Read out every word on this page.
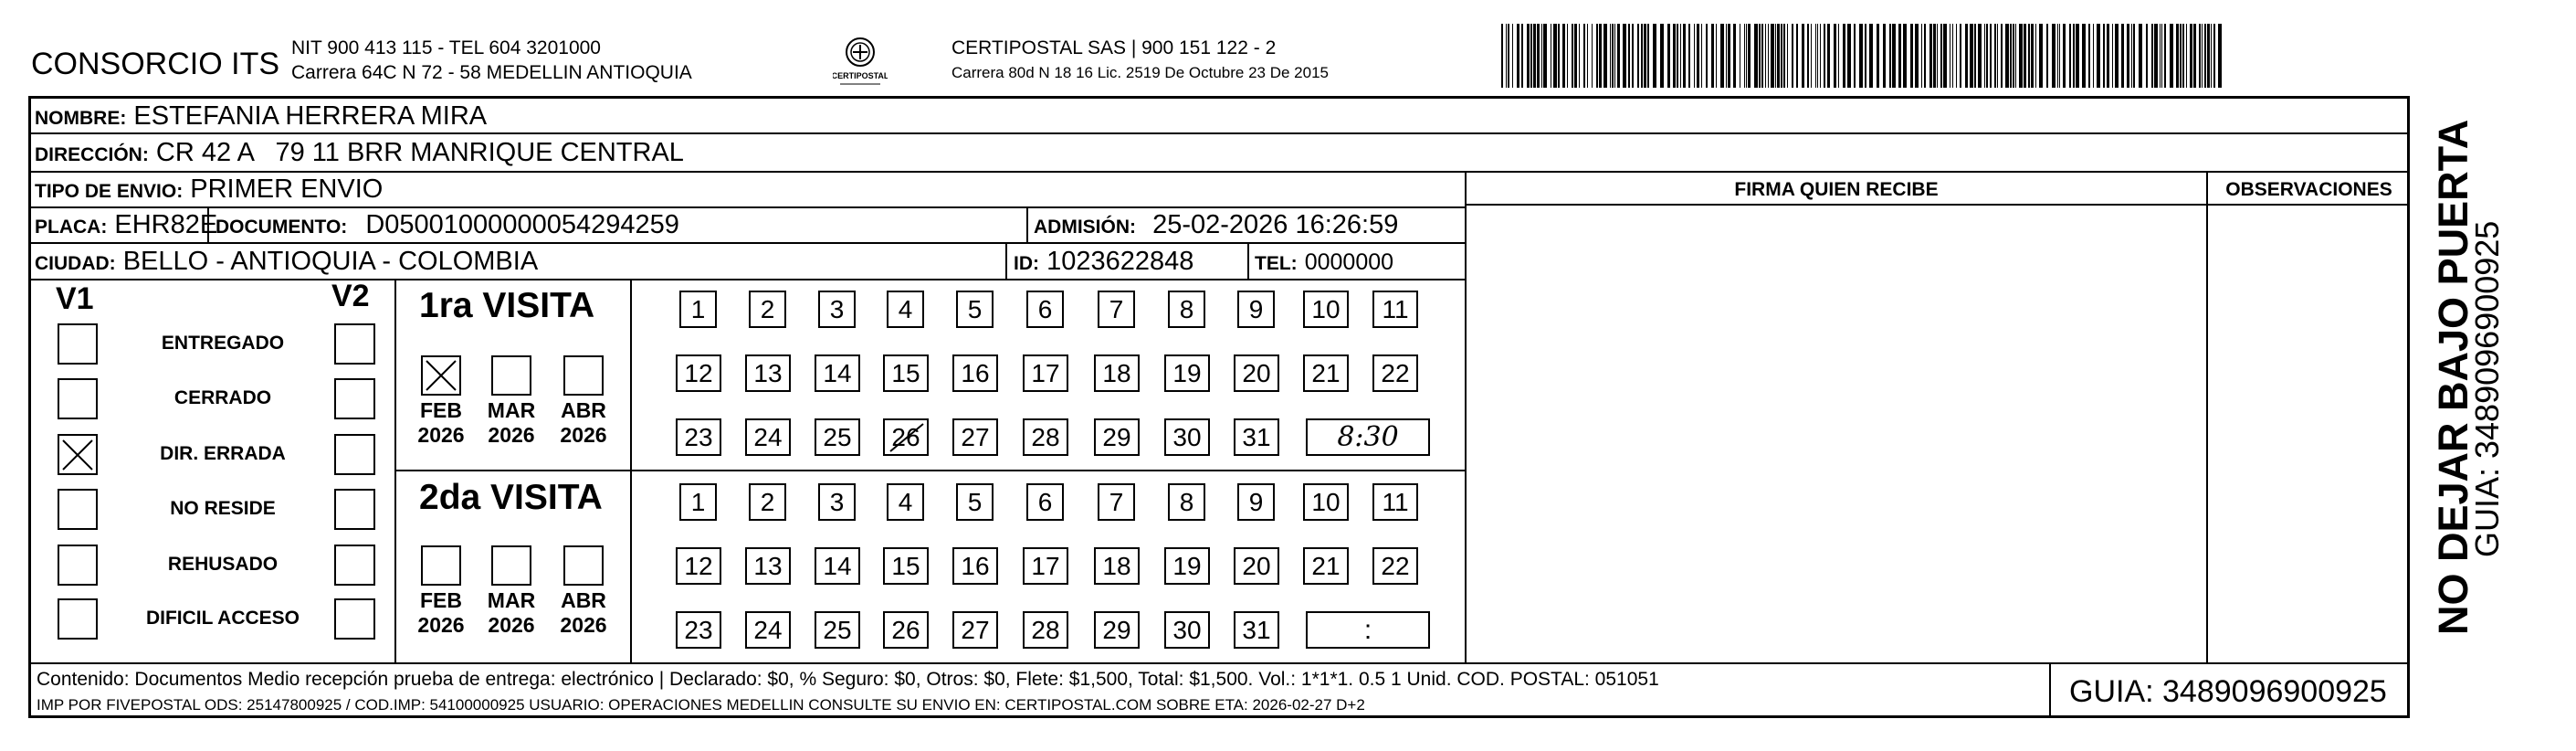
CONSORCIO ITS NIT 900 413 115 - TEL 604 3201000
Carrera 64C N 72 - 58 MEDELLIN ANTIOQUIA	CERTIPOSTAL
CERTIPOSTAL SAS | 900 151 122 - 2
Carrera 80d N 18 16 Lic. 2519 De Octubre 23 De 2015
NOMBRE: ESTEFANIA HERRERA MIRA
DIRECCIÓN: CR 42 A   79 11 BRR MANRIQUE CENTRAL
TIPO DE ENVIO: PRIMER ENVIO
PLACA: EHR82E
DOCUMENTO: D05001000000054294259	ADMISIÓN: 25-02-2026 16:26:59
CIUDAD: BELLO - ANTIOQUIA - COLOMBIA	ID: 1023622848	TEL: 0000000
FIRMA QUIEN RECIBE	OBSERVACIONES
V1	V2 1ra VISITA
2da VISITA	NO DEJAR BAJO PUERTA
GUIA: 3489096900925
Contenido: Documentos Medio recepción prueba de entrega: electrónico | Declarado: $0, % Seguro: $0, Otros: $0, Flete: $1,500, Total: $1,500. Vol.: 1*1*1. 0.5 1 Unid. COD. POSTAL: 051051
IMP POR FIVEPOSTAL ODS: 25147800925 / COD.IMP: 54100000925 USUARIO: OPERACIONES MEDELLIN CONSULTE SU ENVIO EN: CERTIPOSTAL.COM SOBRE ETA: 2026-02-27 D+2	GUIA: 3489096900925
ENTREGADO
CERRADO
DIR. ERRADA
NO RESIDE
REHUSADO
DIFICIL ACCESO
FEB
2026
MAR
2026
ABR
2026
FEB
2026
MAR
2026
ABR
2026
1	2	3	4	5	6	7	8	9	10	11
12	13	14	15	16	17	18	19	20	21	22
23	24	25	26	27	28	29	30	31	8:30
1	2	3	4	5	6	7	8	9	10	11
12	13	14	15	16	17	18	19	20	21	22
23	24	25	26	27	28	29	30	31	:
